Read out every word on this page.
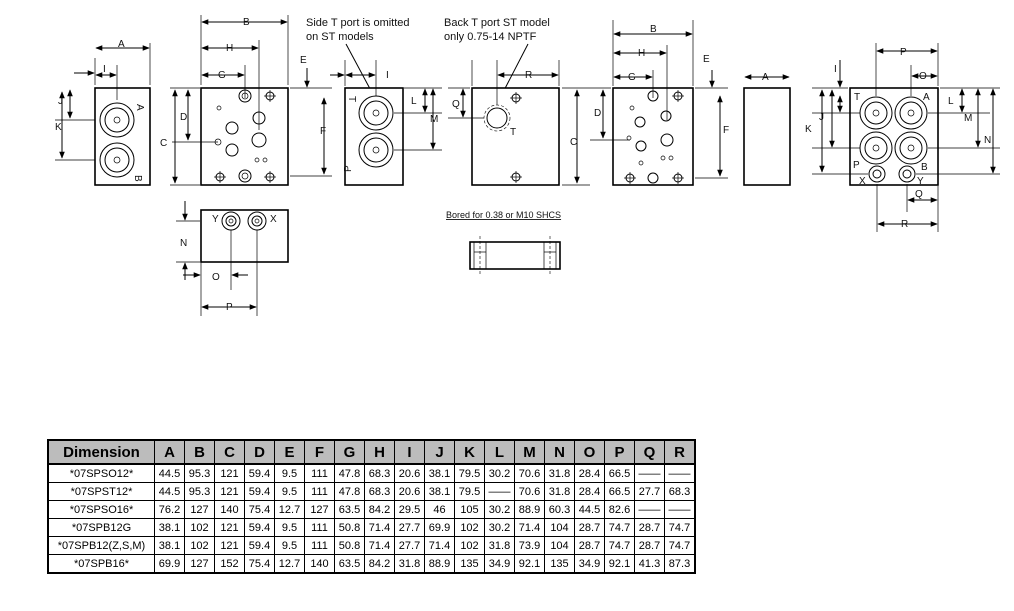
A
I
J
K
A
B
B
H
G
D
C
E
F
Y	X
N
O
P
Side T port is omitted
on ST models
Back T port ST model
only 0.75-14 NPTF
T
P
I
L
M
T
R
Q
C
Bored for 0.38 or M10 SHCS
B
H
G
D
E
F
A
T	A
P	B
X	Y
P
O
I
J
K
L
M
N
Q
R
Dimension	A	B	C	D	E	F	G	H	I	J	K	L	M	N	O	P	Q	R
*07SPSO12*	44.5	95.3	121	59.4	9.5	111	47.8	68.3	20.6	38.1	79.5	30.2	70.6	31.8	28.4	66.5	——	——
*07SPST12*	44.5	95.3	121	59.4	9.5	111	47.8	68.3	20.6	38.1	79.5	——	70.6	31.8	28.4	66.5	27.7	68.3
*07SPSO16*	76.2	127	140	75.4	12.7	127	63.5	84.2	29.5	46	105	30.2	88.9	60.3	44.5	82.6	——	——
*07SPB12G	38.1	102	121	59.4	9.5	111	50.8	71.4	27.7	69.9	102	30.2	71.4	104	28.7	74.7	28.7	74.7
*07SPB12(Z,S,M)	38.1	102	121	59.4	9.5	111	50.8	71.4	27.7	71.4	102	31.8	73.9	104	28.7	74.7	28.7	74.7
*07SPB16*	69.9	127	152	75.4	12.7	140	63.5	84.2	31.8	88.9	135	34.9	92.1	135	34.9	92.1	41.3	87.3
